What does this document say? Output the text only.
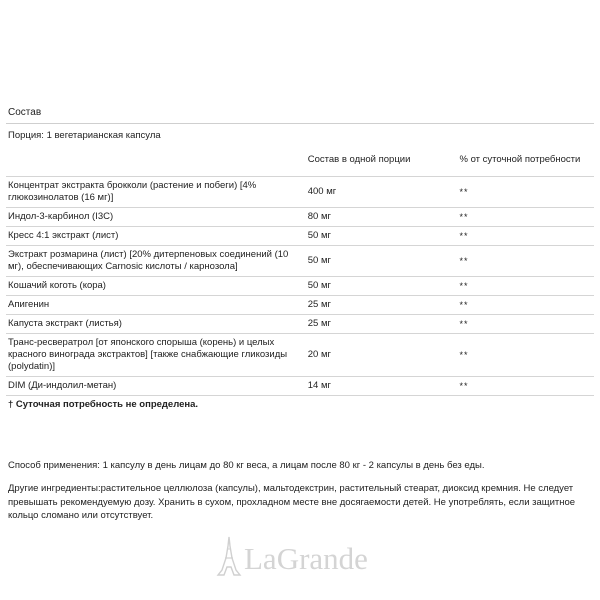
Состав
Порция: 1 вегетарианская капсула
	Состав в одной порции	% от суточной потребности
Концентрат экстракта брокколи (растение и побеги) [4% глюкозинолатов (16 мг)]	400 мг	**
Индол-3-карбинол (I3C)	80 мг	**
Кресс 4:1 экстракт (лист)	50 мг	**
Экстракт розмарина (лист) [20% дитерпеновых соединений (10 мг), обеспечивающих Carnosic кислоты / карнозола]	50 мг	**
Кошачий коготь (кора)	50 мг	**
Апигенин	25 мг	**
Капуста экстракт (листья)	25 мг	**
Транс-ресвератрол [от японского спорыша (корень) и целых красного винограда экстрактов] [также снабжающие гликозиды (polydatin)]	20 мг	**
DIM (Ди-индолил-метан)	14 мг	**
† Суточная потребность не определена.		
Способ применения: 1 капсулу в день лицам до 80 кг веса, а лицам после 80 кг - 2 капсулы в день без еды.
Другие ингредиенты:растительное целлюлоза (капсулы), мальтодекстрин, растительный стеарат, диоксид кремния. Не следует превышать рекомендуемую дозу. Хранить в сухом, прохладном месте вне досягаемости детей. Не употреблять, если защитное кольцо сломано или отсутствует.
LaGrande
